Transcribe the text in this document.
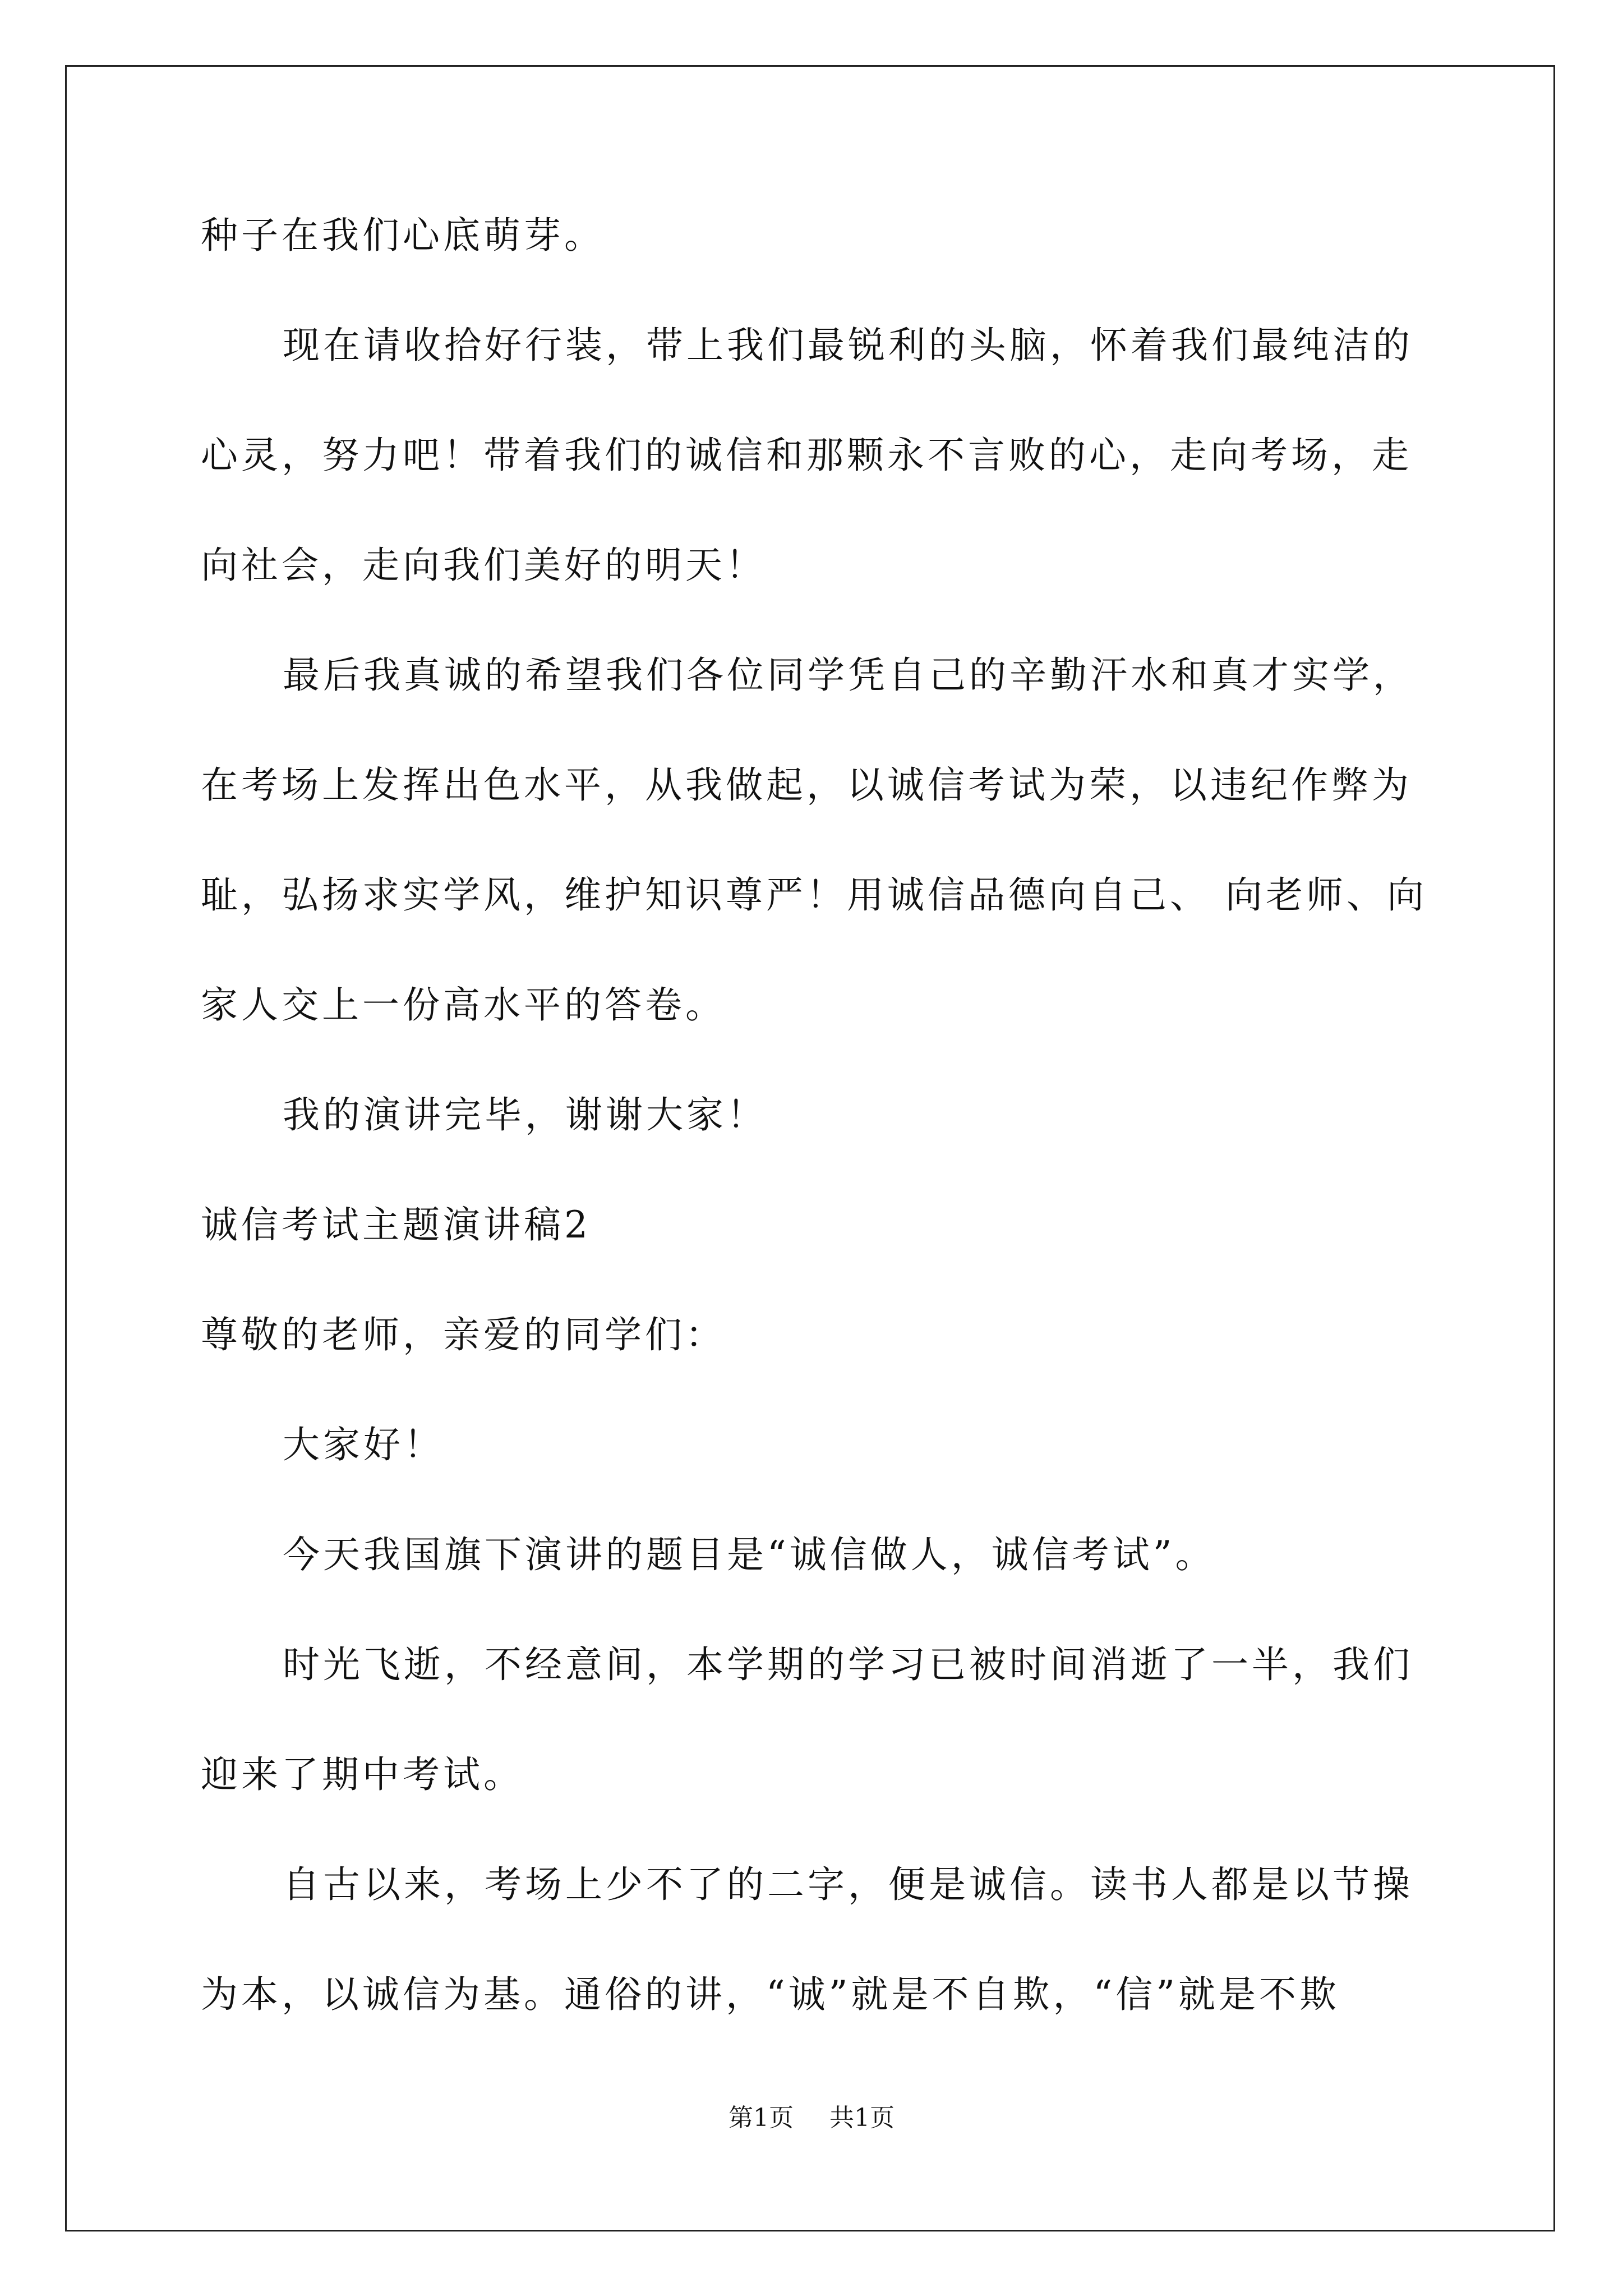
种子在我们心底萌芽。
现在请收拾好行装，带上我们最锐利的头脑，怀着我们最纯洁的
心灵，努力吧！带着我们的诚信和那颗永不言败的心，走向考场，走
向社会，走向我们美好的明天！
最后我真诚的希望我们各位同学凭自己的辛勤汗水和真才实学，
在考场上发挥出色水平，从我做起，以诚信考试为荣，以违纪作弊为
耻，弘扬求实学风，维护知识尊严！用诚信品德向自己、 向老师、向
家人交上一份高水平的答卷。
我的演讲完毕，谢谢大家！
诚信考试主题演讲稿2
尊敬的老师，亲爱的同学们：
大家好！
今天我国旗下演讲的题目是“诚信做人，诚信考试”。
时光飞逝，不经意间，本学期的学习已被时间消逝了一半，我们
迎来了期中考试。
自古以来，考场上少不了的二字，便是诚信。读书人都是以节操
为本，以诚信为基。通俗的讲，“诚”就是不自欺，“信”就是不欺
第1页 共1页
